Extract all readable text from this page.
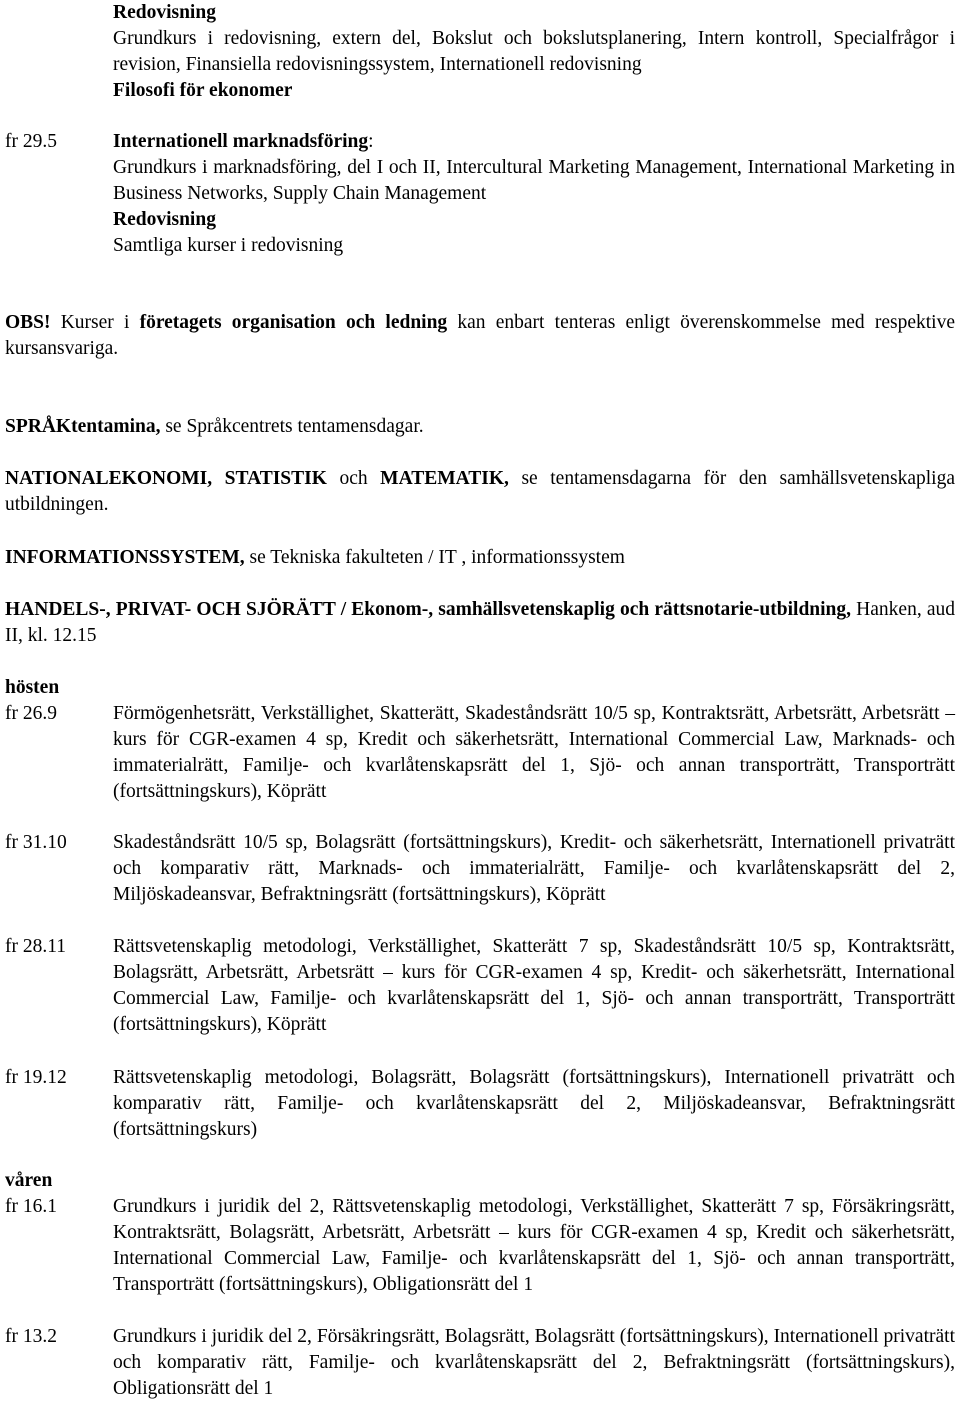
Redovisning

Grundkurs i redovisning, extern del, Bokslut och bokslutsplanering, Intern kontroll, Specialfrågor i revision, Finansiella redovisningssystem, Internationell redovisning

Filosofi för ekonomer

fr 29.5	Internationell marknadsföring:

Grundkurs i marknadsföring, del I och II, Intercultural Marketing Management, International Marketing in Business Networks, Supply Chain Management

Redovisning

Samtliga kurser i redovisning

OBS! Kurser i företagets organisation och ledning kan enbart tenteras enligt överenskommelse med respektive kursansvariga.

SPRÅKtentamina, se Språkcentrets tentamensdagar.

NATIONALEKONOMI, STATISTIK och MATEMATIK, se tentamensdagarna för den samhällsvetenskapliga utbildningen.

INFORMATIONSSYSTEM, se Tekniska fakulteten / IT , informationssystem

HANDELS-, PRIVAT- OCH SJÖRÄTT / Ekonom-, samhällsvetenskaplig och rättsnotarie-utbildning, Hanken, aud II, kl. 12.15

hösten

fr 26.9	Förmögenhetsrätt, Verkställighet, Skatterätt, Skadeståndsrätt 10/5 sp, Kontraktsrätt, Arbetsrätt, Arbetsrätt – kurs för CGR-examen 4 sp, Kredit och säkerhetsrätt, International Commercial Law, Marknads- och immaterialrätt, Familje- och kvarlåtenskapsrätt del 1, Sjö- och annan transporträtt, Transporträtt (fortsättningskurs), Köprätt
fr 31.10	Skadeståndsrätt 10/5 sp, Bolagsrätt (fortsättningskurs), Kredit- och säkerhetsrätt, Internationell privaträtt och komparativ rätt, Marknads- och immaterialrätt, Familje- och kvarlåtenskapsrätt del 2, Miljöskadeansvar, Befraktningsrätt (fortsättningskurs), Köprätt
fr 28.11	Rättsvetenskaplig metodologi, Verkställighet, Skatterätt 7 sp, Skadeståndsrätt 10/5 sp, Kontraktsrätt, Bolagsrätt, Arbetsrätt, Arbetsrätt – kurs för CGR-examen 4 sp, Kredit- och säkerhetsrätt, International Commercial Law, Familje- och kvarlåtenskapsrätt del 1, Sjö- och annan transporträtt, Transporträtt (fortsättningskurs), Köprätt
fr 19.12	Rättsvetenskaplig metodologi, Bolagsrätt, Bolagsrätt (fortsättningskurs), Internationell privaträtt och komparativ rätt, Familje- och kvarlåtenskapsrätt del 2, Miljöskadeansvar, Befraktningsrätt (fortsättningskurs)

våren

fr 16.1	Grundkurs i juridik del 2, Rättsvetenskaplig metodologi, Verkställighet, Skatterätt 7 sp, Försäkringsrätt, Kontraktsrätt, Bolagsrätt, Arbetsrätt, Arbetsrätt – kurs för CGR-examen 4 sp, Kredit och säkerhetsrätt, International Commercial Law, Familje- och kvarlåtenskapsrätt del 1, Sjö- och annan transporträtt, Transporträtt (fortsättningskurs), Obligationsrätt del 1
fr 13.2	Grundkurs i juridik del 2, Försäkringsrätt, Bolagsrätt, Bolagsrätt (fortsättningskurs), Internationell privaträtt och komparativ rätt, Familje- och kvarlåtenskapsrätt del 2, Befraktningsrätt (fortsättningskurs), Obligationsrätt del 1
